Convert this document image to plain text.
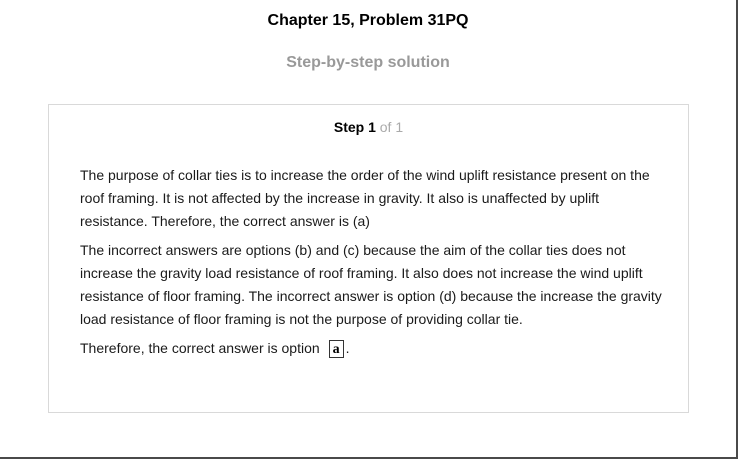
Chapter 15, Problem 31PQ
Step-by-step solution
Step 1 of 1

The purpose of collar ties is to increase the order of the wind uplift resistance present on the roof framing. It is not affected by the increase in gravity. It also is unaffected by uplift resistance. Therefore, the correct answer is (a)

The incorrect answers are options (b) and (c) because the aim of the collar ties does not increase the gravity load resistance of roof framing. It also does not increase the wind uplift resistance of floor framing. The incorrect answer is option (d) because the increase the gravity load resistance of floor framing is not the purpose of providing collar tie.

Therefore, the correct answer is option a .
